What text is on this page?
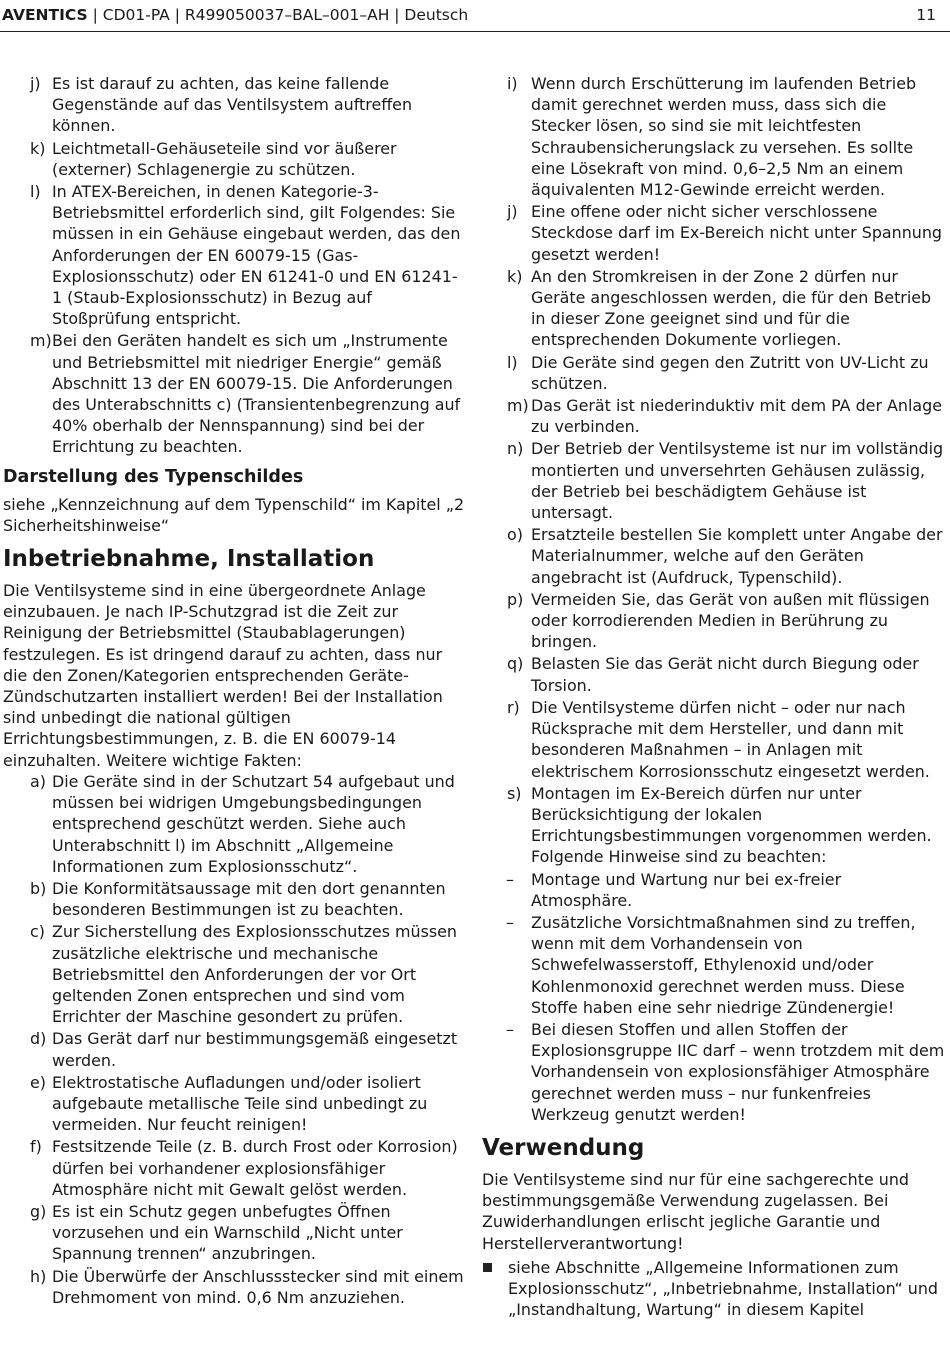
AVENTICS | CD01-PA | R499050037–BAL–001–AH | Deutsch	11
j) Es ist darauf zu achten, das keine fallende Gegenstände auf das Ventilsystem auftreffen können.
k) Leichtmetall-Gehäuseteile sind vor äußerer (externer) Schlagenergie zu schützen.
l) In ATEX-Bereichen, in denen Kategorie-3-Betriebsmittel erforderlich sind, gilt Folgendes: Sie müssen in ein Gehäuse eingebaut werden, das den Anforderungen der EN 60079-15 (Gas-Explosionsschutz) oder EN 61241-0 und EN 61241-1 (Staub-Explosionsschutz) in Bezug auf Stoßprüfung entspricht.
m) Bei den Geräten handelt es sich um „Instrumente und Betriebsmittel mit niedriger Energie“ gemäß Abschnitt 13 der EN 60079-15. Die Anforderungen des Unterabschnitts c) (Transientenbegrenzung auf 40% oberhalb der Nennspannung) sind bei der Errichtung zu beachten.
Darstellung des Typenschildes

siehe „Kennzeichnung auf dem Typenschild“ im Kapitel „2 Sicherheitshinweise“

Inbetriebnahme, Installation

Die Ventilsysteme sind in eine übergeordnete Anlage einzubauen. Je nach IP-Schutzgrad ist die Zeit zur Reinigung der Betriebsmittel (Staubablagerungen) festzulegen. Es ist dringend darauf zu achten, dass nur die den Zonen/Kategorien entsprechenden Geräte-Zündschutzarten installiert werden! Bei der Installation sind unbedingt die national gültigen Errichtungsbestimmungen, z. B. die EN 60079-14 einzuhalten. Weitere wichtige Fakten:

a) Die Geräte sind in der Schutzart 54 aufgebaut und müssen bei widrigen Umgebungsbedingungen entsprechend geschützt werden. Siehe auch Unterabschnitt l) im Abschnitt „Allgemeine Informationen zum Explosionsschutz“.
b) Die Konformitätsaussage mit den dort genannten besonderen Bestimmungen ist zu beachten.
c) Zur Sicherstellung des Explosionsschutzes müssen zusätzliche elektrische und mechanische Betriebsmittel den Anforderungen der vor Ort geltenden Zonen entsprechen und sind vom Errichter der Maschine gesondert zu prüfen.
d) Das Gerät darf nur bestimmungsgemäß eingesetzt werden.
e) Elektrostatische Aufladungen und/oder isoliert aufgebaute metallische Teile sind unbedingt zu vermeiden. Nur feucht reinigen!
f) Festsitzende Teile (z. B. durch Frost oder Korrosion) dürfen bei vorhandener explosionsfähiger Atmosphäre nicht mit Gewalt gelöst werden.
g) Es ist ein Schutz gegen unbefugtes Öffnen vorzusehen und ein Warnschild „Nicht unter Spannung trennen“ anzubringen.
h) Die Überwürfe der Anschlussstecker sind mit einem Drehmoment von mind. 0,6 Nm anzuziehen.
i) Wenn durch Erschütterung im laufenden Betrieb damit gerechnet werden muss, dass sich die Stecker lösen, so sind sie mit leichtfesten Schraubensicherungslack zu versehen. Es sollte eine Lösekraft von mind. 0,6–2,5 Nm an einem äquivalenten M12-Gewinde erreicht werden.
j) Eine offene oder nicht sicher verschlossene Steckdose darf im Ex-Bereich nicht unter Spannung gesetzt werden!
k) An den Stromkreisen in der Zone 2 dürfen nur Geräte angeschlossen werden, die für den Betrieb in dieser Zone geeignet sind und für die entsprechenden Dokumente vorliegen.
l) Die Geräte sind gegen den Zutritt von UV-Licht zu schützen.
m) Das Gerät ist niederinduktiv mit dem PA der Anlage zu verbinden.
n) Der Betrieb der Ventilsysteme ist nur im vollständig montierten und unversehrten Gehäusen zulässig, der Betrieb bei beschädigtem Gehäuse ist untersagt.
o) Ersatzteile bestellen Sie komplett unter Angabe der Materialnummer, welche auf den Geräten angebracht ist (Aufdruck, Typenschild).
p) Vermeiden Sie, das Gerät von außen mit flüssigen oder korrodierenden Medien in Berührung zu bringen.
q) Belasten Sie das Gerät nicht durch Biegung oder Torsion.
r) Die Ventilsysteme dürfen nicht – oder nur nach Rücksprache mit dem Hersteller, und dann mit besonderen Maßnahmen – in Anlagen mit elektrischem Korrosionsschutz eingesetzt werden.
s) Montagen im Ex-Bereich dürfen nur unter Berücksichtigung der lokalen Errichtungsbestimmungen vorgenommen werden. Folgende Hinweise sind zu beachten:
– Montage und Wartung nur bei ex-freier Atmosphäre.
– Zusätzliche Vorsichtmaßnahmen sind zu treffen, wenn mit dem Vorhandensein von Schwefelwasserstoff, Ethylenoxid und/oder Kohlenmonoxid gerechnet werden muss. Diese Stoffe haben eine sehr niedrige Zündenergie!
– Bei diesen Stoffen und allen Stoffen der Explosionsgruppe IIC darf – wenn trotzdem mit dem Vorhandensein von explosionsfähiger Atmosphäre gerechnet werden muss – nur funkenfreies Werkzeug genutzt werden!
Verwendung

Die Ventilsysteme sind nur für eine sachgerechte und bestimmungsgemäße Verwendung zugelassen. Bei Zuwiderhandlungen erlischt jegliche Garantie und Herstellerverantwortung!

siehe Abschnitte „Allgemeine Informationen zum Explosionsschutz“, „Inbetriebnahme, Installation“ und „Instandhaltung, Wartung“ in diesem Kapitel
